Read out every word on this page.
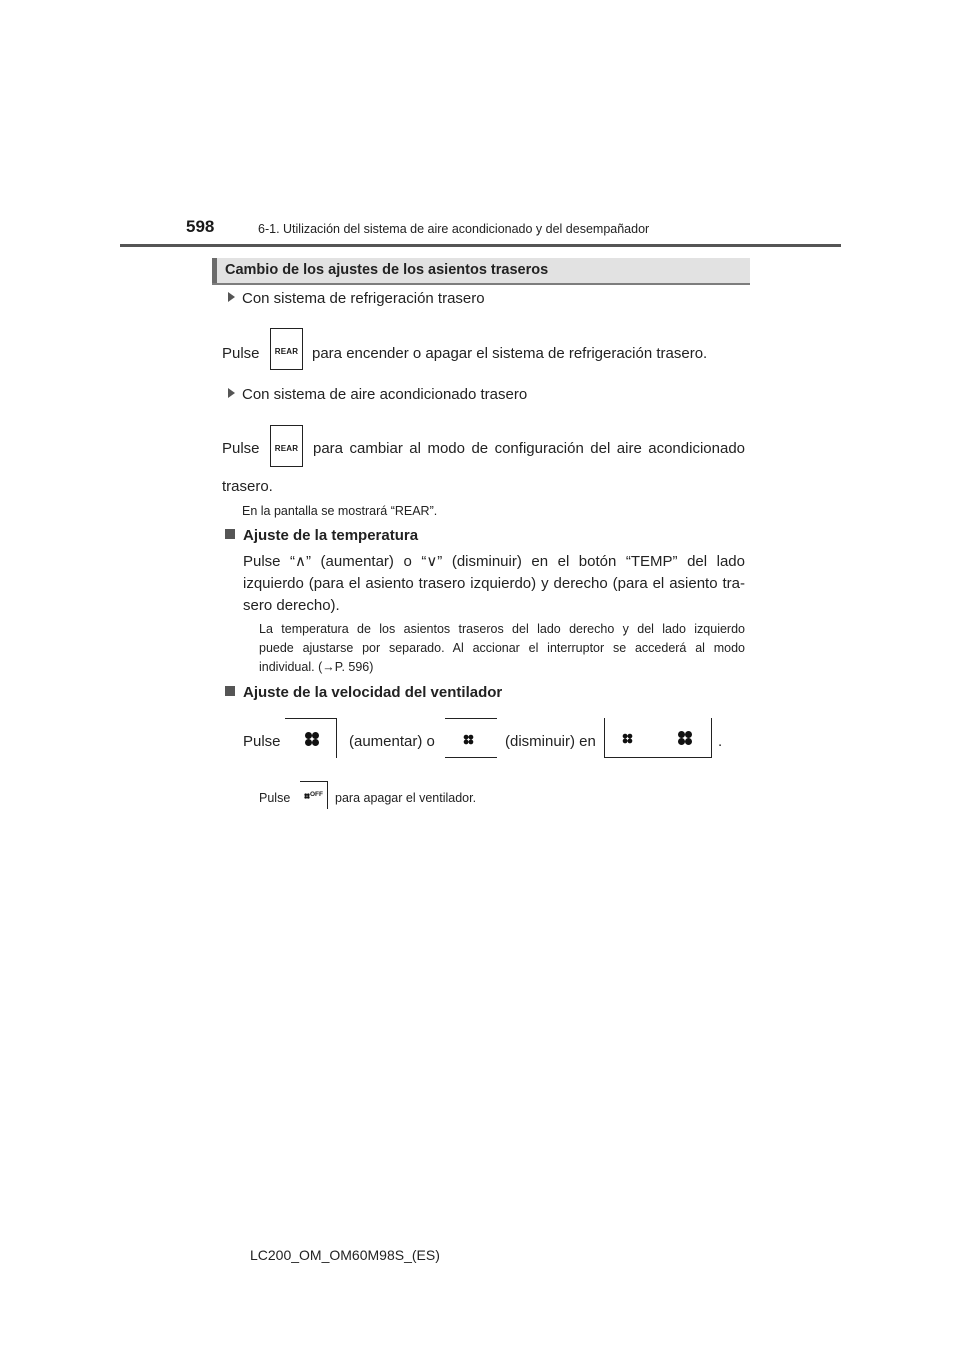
598	6-1. Utilización del sistema de aire acondicionado y del desempañador
Cambio de los ajustes de los asientos traseros
Con sistema de refrigeración trasero
Pulse	REAR para encender o apagar el sistema de refrigeración trasero.
Con sistema de aire acondicionado trasero
Pulse	REAR para cambiar al modo de configuración del aire acondicionado
trasero.
En la pantalla se mostrará “REAR”.
Ajuste de la temperatura
Pulse “∧” (aumentar) o “∨” (disminuir) en el botón “TEMP” del lado
izquierdo (para el asiento trasero izquierdo) y derecho (para el asiento tra-
sero derecho).
La temperatura de los asientos traseros del lado derecho y del lado izquierdo
puede ajustarse por separado. Al accionar el interruptor se accederá al modo
individual. (→P. 596)
Ajuste de la velocidad del ventilador
Pulse	(aumentar) o	(disminuir) en	.
Pulse	OFF para apagar el ventilador.
LC200_OM_OM60M98S_(ES)
